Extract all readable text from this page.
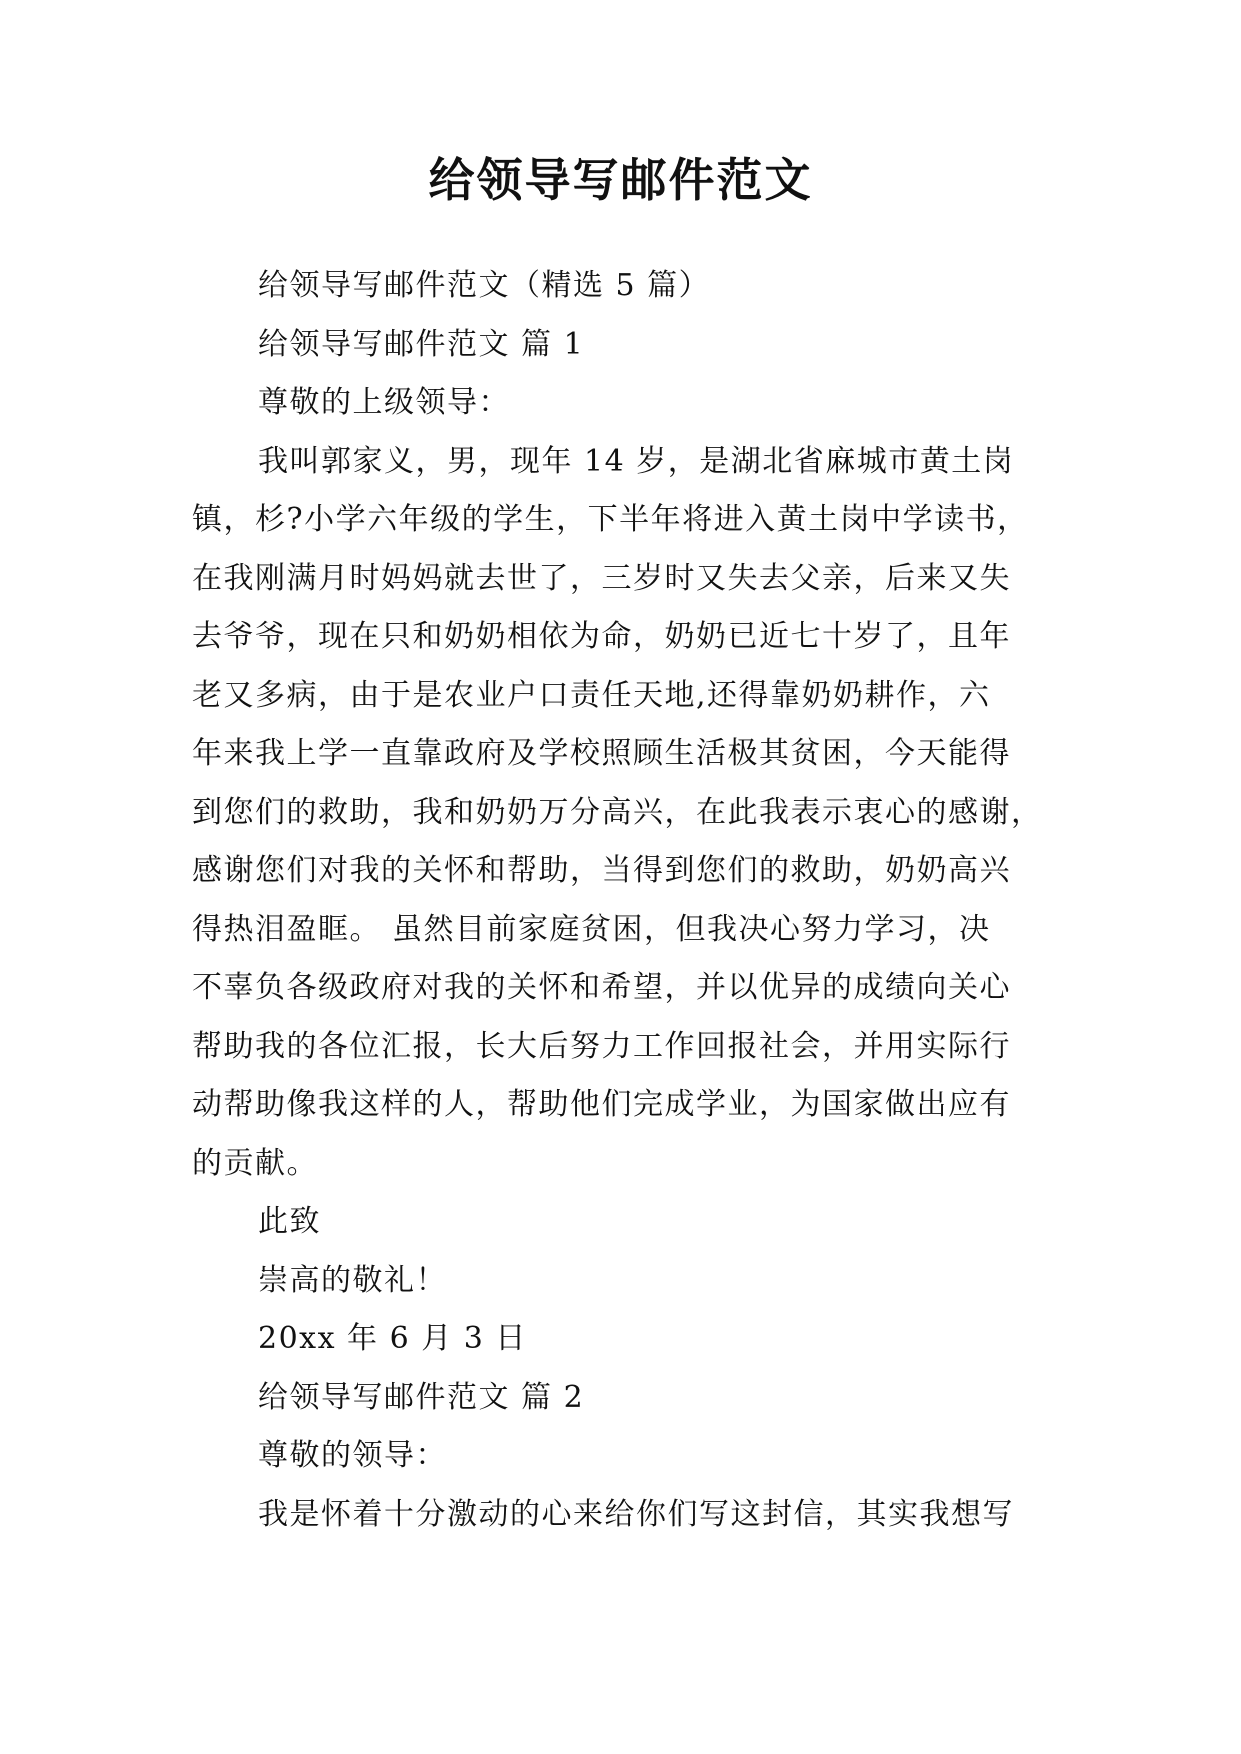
给领导写邮件范文
给领导写邮件范文（精选 5 篇）
给领导写邮件范文 篇 1
尊敬的上级领导：
我叫郭家义，男，现年 14 岁，是湖北省麻城市黄土岗
镇，杉?小学六年级的学生，下半年将进入黄土岗中学读书，
在我刚满月时妈妈就去世了，三岁时又失去父亲，后来又失
去爷爷，现在只和奶奶相依为命，奶奶已近七十岁了，且年
老又多病，由于是农业户口责任天地,还得靠奶奶耕作，六
年来我上学一直靠政府及学校照顾生活极其贫困，今天能得
到您们的救助，我和奶奶万分高兴，在此我表示衷心的感谢，
感谢您们对我的关怀和帮助，当得到您们的救助，奶奶高兴
得热泪盈眶。 虽然目前家庭贫困，但我决心努力学习，决
不辜负各级政府对我的关怀和希望，并以优异的成绩向关心
帮助我的各位汇报，长大后努力工作回报社会，并用实际行
动帮助像我这样的人，帮助他们完成学业，为国家做出应有
的贡献。
此致
崇高的敬礼！
20xx 年 6 月 3 日
给领导写邮件范文 篇 2
尊敬的领导：
我是怀着十分激动的心来给你们写这封信，其实我想写
